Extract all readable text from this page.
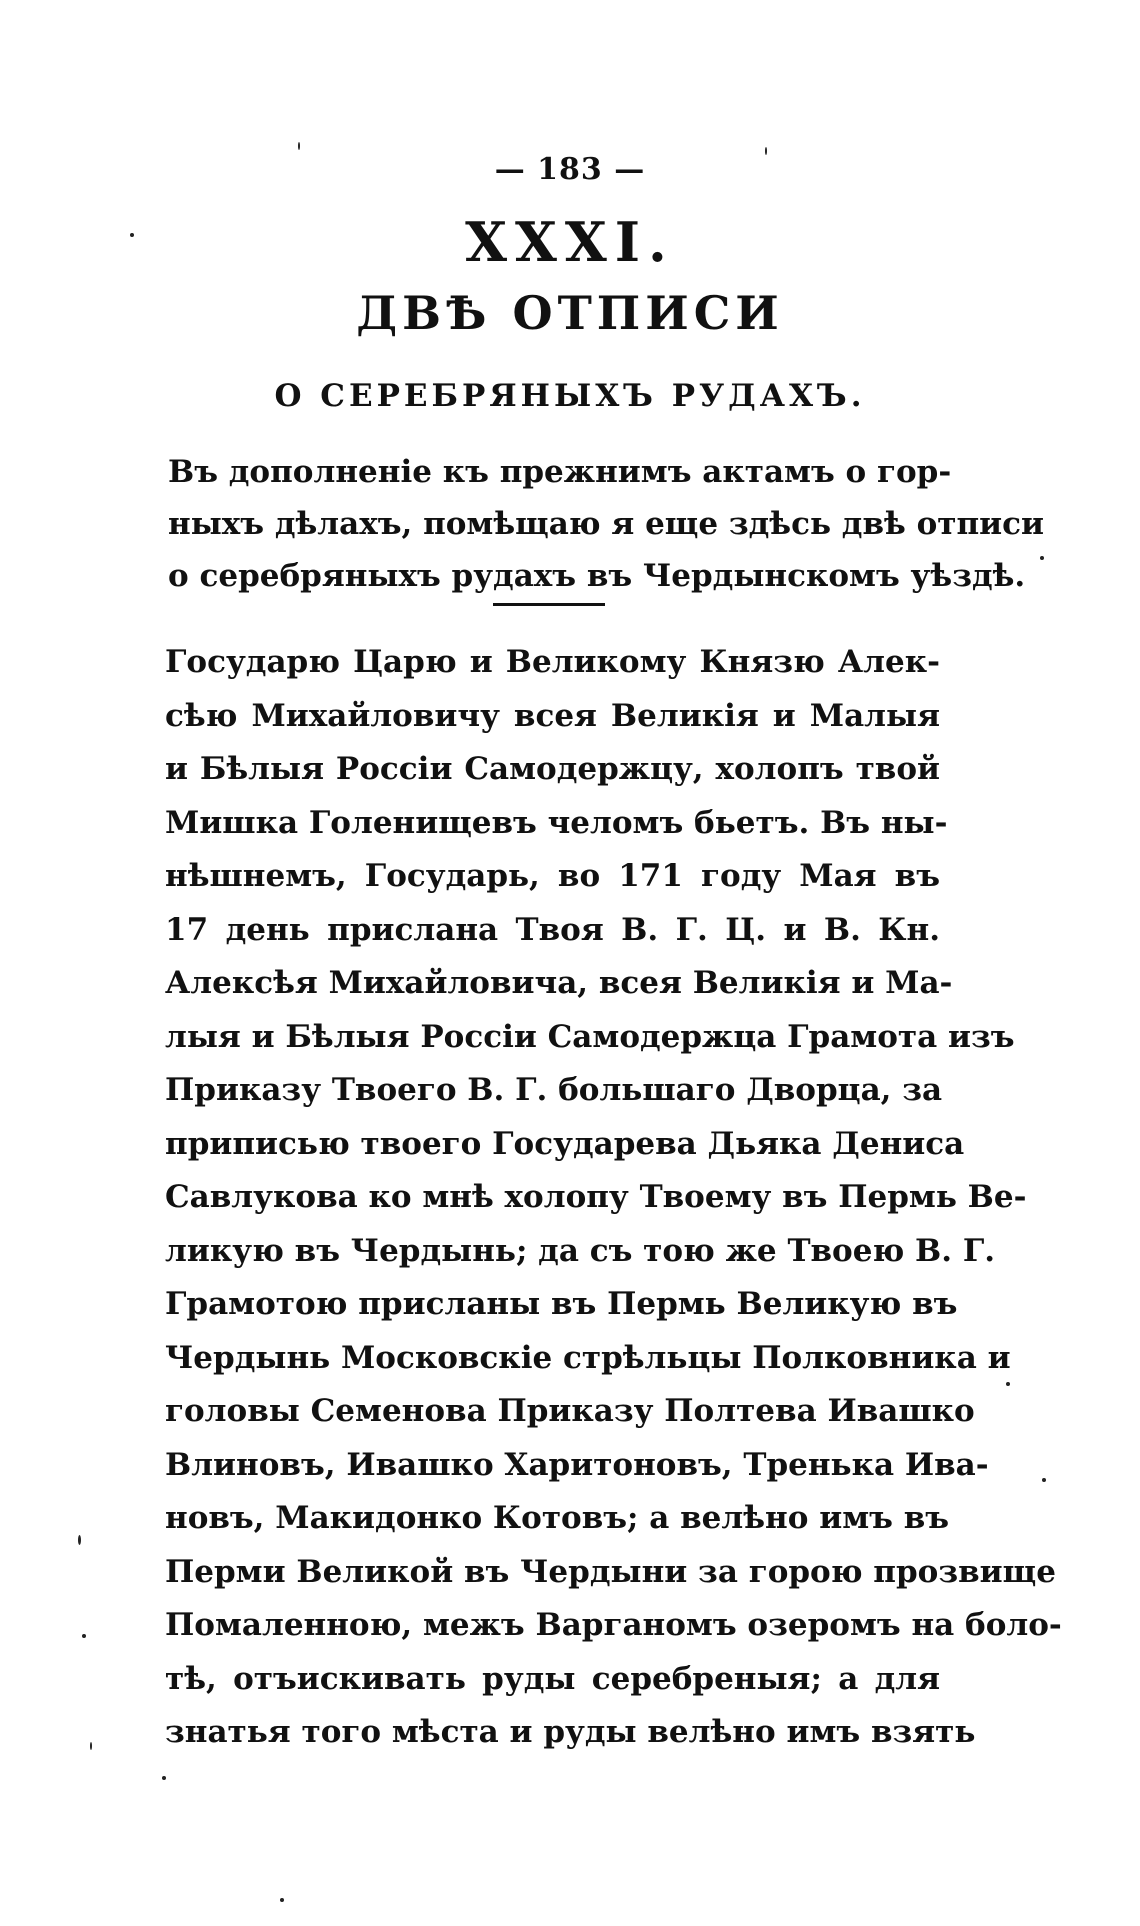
— 183 —
XXXI.
ДВѢ ОТПИСИ
О СЕРЕБРЯНЫХЪ РУДАХЪ.
Въ дополненіе къ прежнимъ актамъ о гор-
ныхъ дѣлахъ, помѣщаю я еще здѣсь двѣ отписи
о серебряныхъ рудахъ въ Чердынскомъ уѣздѣ.
Государю Царю и Великому Князю Алек-
сѣю Михайловичу всея Великія и Малыя
и Бѣлыя Россіи Самодержцу, холопъ твой
Мишка Голенищевъ челомъ бьетъ. Въ ны-
нѣшнемъ, Государь, во 171 году Мая въ
17 день прислана Твоя В. Г. Ц. и В. Кн.
Алексѣя Михайловича, всея Великія и Ма-
лыя и Бѣлыя Россіи Самодержца Грамота изъ
Приказу Твоего В. Г. большаго Дворца, за
приписью твоего Государева Дьяка Дениса
Савлукова ко мнѣ холопу Твоему въ Пермь Ве-
ликую въ Чердынь; да съ тою же Твоею В. Г.
Грамотою присланы въ Пермь Великую въ
Чердынь Московскіе стрѣльцы Полковника и
головы Семенова Приказу Полтева Ивашко
Влиновъ, Ивашко Харитоновъ, Тренька Ива-
новъ, Макидонко Котовъ; а велѣно имъ въ
Перми Великой въ Чердыни за горою прозвище
Помаленною, межъ Варганомъ озеромъ на боло-
тѣ, отъискивать руды серебреныя; а для
знатья того мѣста и руды велѣно имъ взять
